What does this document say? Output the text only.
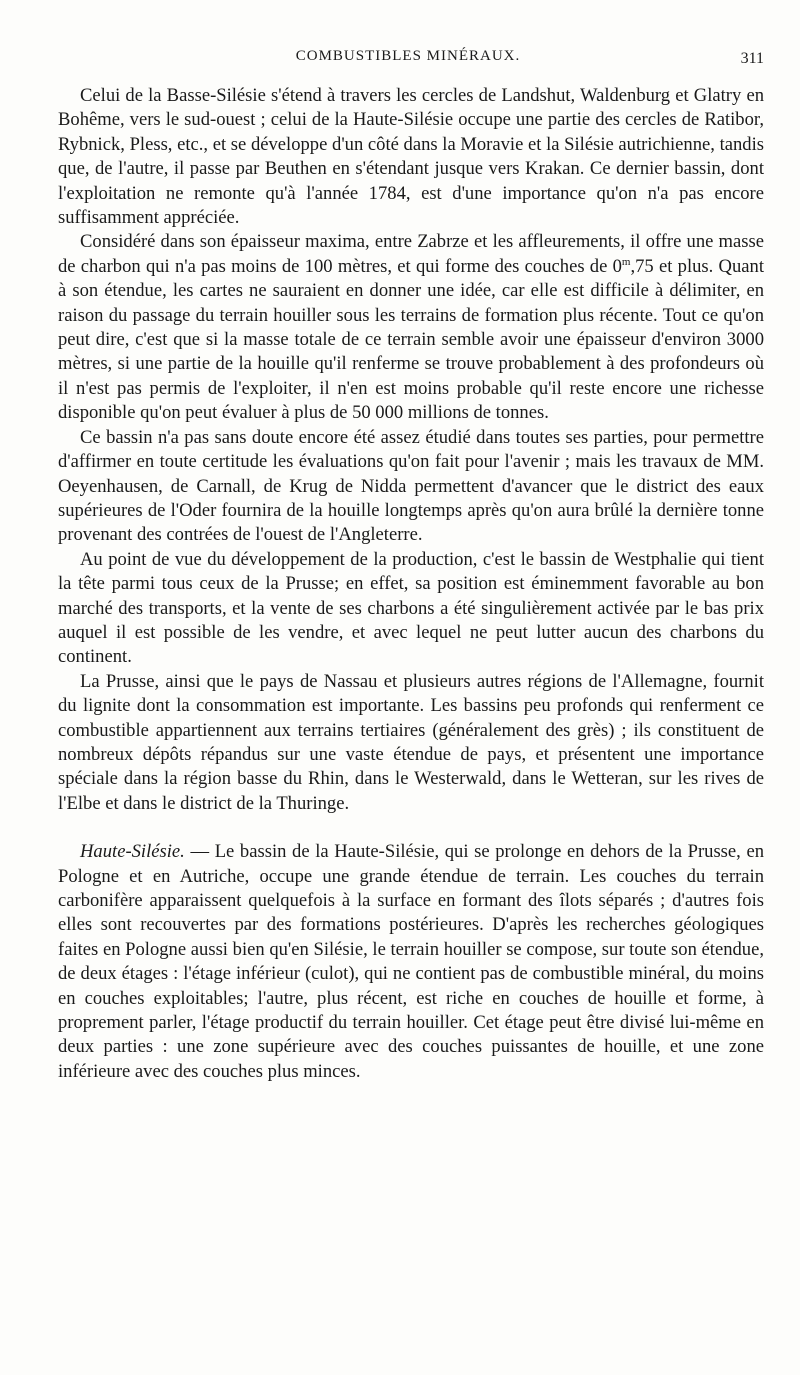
COMBUSTIBLES MINÉRAUX.	311

Celui de la Basse-Silésie s'étend à travers les cercles de Landshut, Waldenburg et Glatry en Bohême, vers le sud-ouest ; celui de la Haute-Silésie occupe une partie des cercles de Ratibor, Rybnick, Pless, etc., et se développe d'un côté dans la Moravie et la Silésie autrichienne, tandis que, de l'autre, il passe par Beuthen en s'étendant jusque vers Krakan. Ce dernier bassin, dont l'exploitation ne remonte qu'à l'année 1784, est d'une importance qu'on n'a pas encore suffisamment appréciée.

Considéré dans son épaisseur maxima, entre Zabrze et les affleurements, il offre une masse de charbon qui n'a pas moins de 100 mètres, et qui forme des couches de 0$^m$,75 et plus. Quant à son étendue, les cartes ne sauraient en donner une idée, car elle est difficile à délimiter, en raison du passage du terrain houiller sous les terrains de formation plus récente. Tout ce qu'on peut dire, c'est que si la masse totale de ce terrain semble avoir une épaisseur d'environ 3000 mètres, si une partie de la houille qu'il renferme se trouve probablement à des profondeurs où il n'est pas permis de l'exploiter, il n'en est moins probable qu'il reste encore une richesse disponible qu'on peut évaluer à plus de 50 000 millions de tonnes.

Ce bassin n'a pas sans doute encore été assez étudié dans toutes ses parties, pour permettre d'affirmer en toute certitude les évaluations qu'on fait pour l'avenir ; mais les travaux de MM. Oeyenhausen, de Carnall, de Krug de Nidda permettent d'avancer que le district des eaux supérieures de l'Oder fournira de la houille longtemps après qu'on aura brûlé la dernière tonne provenant des contrées de l'ouest de l'Angleterre.

Au point de vue du développement de la production, c'est le bassin de Westphalie qui tient la tête parmi tous ceux de la Prusse; en effet, sa position est éminemment favorable au bon marché des transports, et la vente de ses charbons a été singulièrement activée par le bas prix auquel il est possible de les vendre, et avec lequel ne peut lutter aucun des charbons du continent.

La Prusse, ainsi que le pays de Nassau et plusieurs autres régions de l'Allemagne, fournit du lignite dont la consommation est importante. Les bassins peu profonds qui renferment ce combustible appartiennent aux terrains tertiaires (généralement des grès) ; ils constituent de nombreux dépôts répandus sur une vaste étendue de pays, et présentent une importance spéciale dans la région basse du Rhin, dans le Westerwald, dans le Wetteran, sur les rives de l'Elbe et dans le district de la Thuringe.

Haute-Silésie. — Le bassin de la Haute-Silésie, qui se prolonge en dehors de la Prusse, en Pologne et en Autriche, occupe une grande étendue de terrain. Les couches du terrain carbonifère apparaissent quelquefois à la surface en formant des îlots séparés ; d'autres fois elles sont recouvertes par des formations postérieures. D'après les recherches géologiques faites en Pologne aussi bien qu'en Silésie, le terrain houiller se compose, sur toute son étendue, de deux étages : l'étage inférieur (culot), qui ne contient pas de combustible minéral, du moins en couches exploitables; l'autre, plus récent, est riche en couches de houille et forme, à proprement parler, l'étage productif du terrain houiller. Cet étage peut être divisé lui-même en deux parties : une zone supérieure avec des couches puissantes de houille, et une zone inférieure avec des couches plus minces.
